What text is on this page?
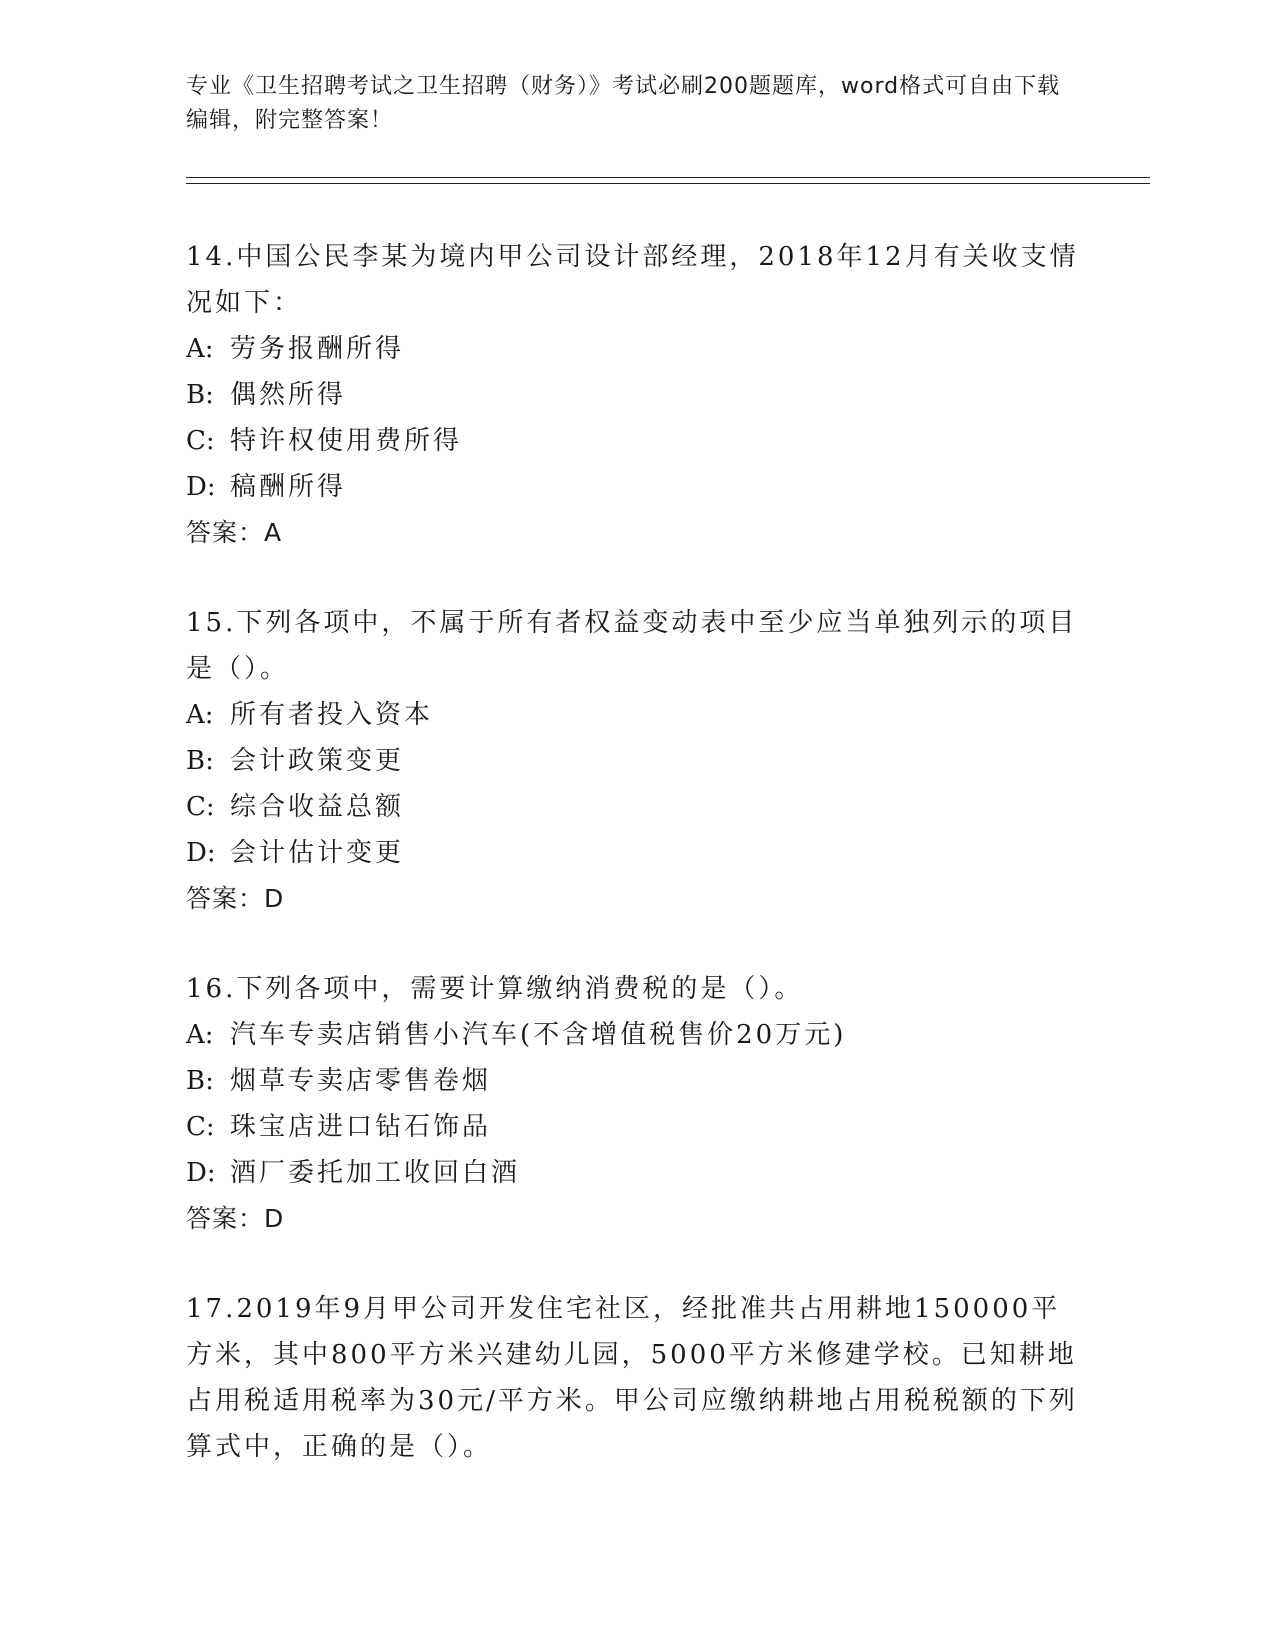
专业《卫生招聘考试之卫生招聘（财务）》考试必刷200题题库，word格式可自由下载编辑，附完整答案！

14.中国公民李某为境内甲公司设计部经理，2018年12月有关收支情况如下：

A: 劳务报酬所得

B: 偶然所得

C: 特许权使用费所得

D: 稿酬所得

答案：A

15.下列各项中，不属于所有者权益变动表中至少应当单独列示的项目是（）。

A: 所有者投入资本

B: 会计政策变更

C: 综合收益总额

D: 会计估计变更

答案：D

16.下列各项中，需要计算缴纳消费税的是（）。

A: 汽车专卖店销售小汽车(不含增值税售价20万元)

B: 烟草专卖店零售卷烟

C: 珠宝店进口钻石饰品

D: 酒厂委托加工收回白酒

答案：D

17.2019年9月甲公司开发住宅社区，经批准共占用耕地150000平方米，其中800平方米兴建幼儿园，5000平方米修建学校。已知耕地占用税适用税率为30元/平方米。甲公司应缴纳耕地占用税税额的下列算式中，正确的是（）。
